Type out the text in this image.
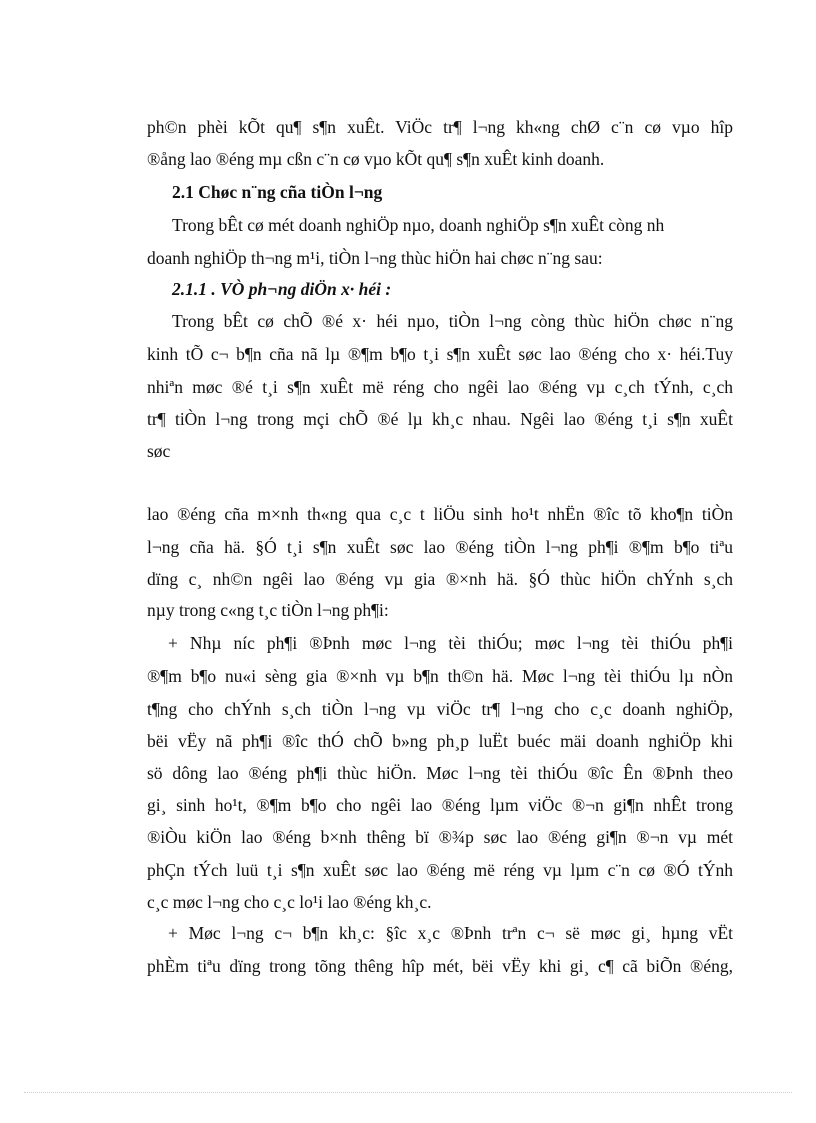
ph©n phèi kÕt qu¶ s¶n xuÊt. ViÖc tr¶ l¬ng kh«ng chØ c¨n cø vµo hîp
®ång lao ®éng mµ cßn c¨n cø vµo kÕt qu¶ s¶n xuÊt kinh doanh.
2.1 Chøc n¨ng cña tiÒn l¬ng
Trong bÊt cø mét doanh nghiÖp nµo, doanh nghiÖp s¶n xuÊt còng nh
doanh nghiÖp th¬ng m¹i, tiÒn l¬ng thùc hiÖn hai chøc n¨ng sau:
2.1.1 . VÒ ph¬ng diÖn x· héi :
Trong bÊt cø chÕ ®é x· héi nµo, tiÒn l¬ng còng thùc hiÖn chøc n¨ng
kinh tÕ c¬ b¶n cña nã lµ ®¶m b¶o t¸i s¶n xuÊt søc lao ®éng cho x· héi.Tuy
nhiªn møc ®é t¸i s¶n xuÊt më réng cho ngêi lao ®éng vµ c¸ch tÝnh, c¸ch
tr¶ tiÒn l¬ng trong mçi chÕ ®é lµ kh¸c nhau. Ngêi lao ®éng t¸i s¶n xuÊt
søc
lao ®éng cña m×nh th«ng qua c¸c t liÖu sinh ho¹t nhËn ®îc tõ kho¶n tiÒn
l¬ng cña hä. §Ó t¸i s¶n xuÊt søc lao ®éng tiÒn l¬ng ph¶i ®¶m b¶o tiªu
dïng c¸ nh©n ngêi lao ®éng vµ gia ®×nh hä. §Ó thùc hiÖn chÝnh s¸ch
nµy trong c«ng t¸c tiÒn l¬ng ph¶i:
+ Nhµ níc ph¶i ®Þnh møc l¬ng tèi thiÓu; møc l¬ng tèi thiÓu ph¶i
®¶m b¶o nu«i sèng gia ®×nh vµ b¶n th©n hä. Møc l¬ng tèi thiÓu lµ nÒn
t¶ng cho chÝnh s¸ch tiÒn l¬ng vµ viÖc tr¶ l¬ng cho c¸c doanh nghiÖp,
bëi vËy nã ph¶i ®îc thÓ chÕ b»ng ph¸p luËt buéc mäi doanh nghiÖp khi
sö dông lao ®éng ph¶i thùc hiÖn. Møc l¬ng tèi thiÓu ®îc Ên ®Þnh theo
gi¸ sinh ho¹t, ®¶m b¶o cho ngêi lao ®éng lµm viÖc ®¬n gi¶n nhÊt trong
®iÒu kiÖn lao ®éng b×nh thêng bï ®¾p søc lao ®éng gi¶n ®¬n vµ mét
phÇn tÝch luü t¸i s¶n xuÊt søc lao ®éng më réng vµ lµm c¨n cø ®Ó tÝnh
c¸c møc l¬ng cho c¸c lo¹i lao ®éng kh¸c.
+ Møc l¬ng c¬ b¶n kh¸c: §îc x¸c ®Þnh trªn c¬ së møc gi¸ hµng vËt
phÈm tiªu dïng trong tõng thêng hîp mét, bëi vËy khi gi¸ c¶ cã biÕn ®éng,
